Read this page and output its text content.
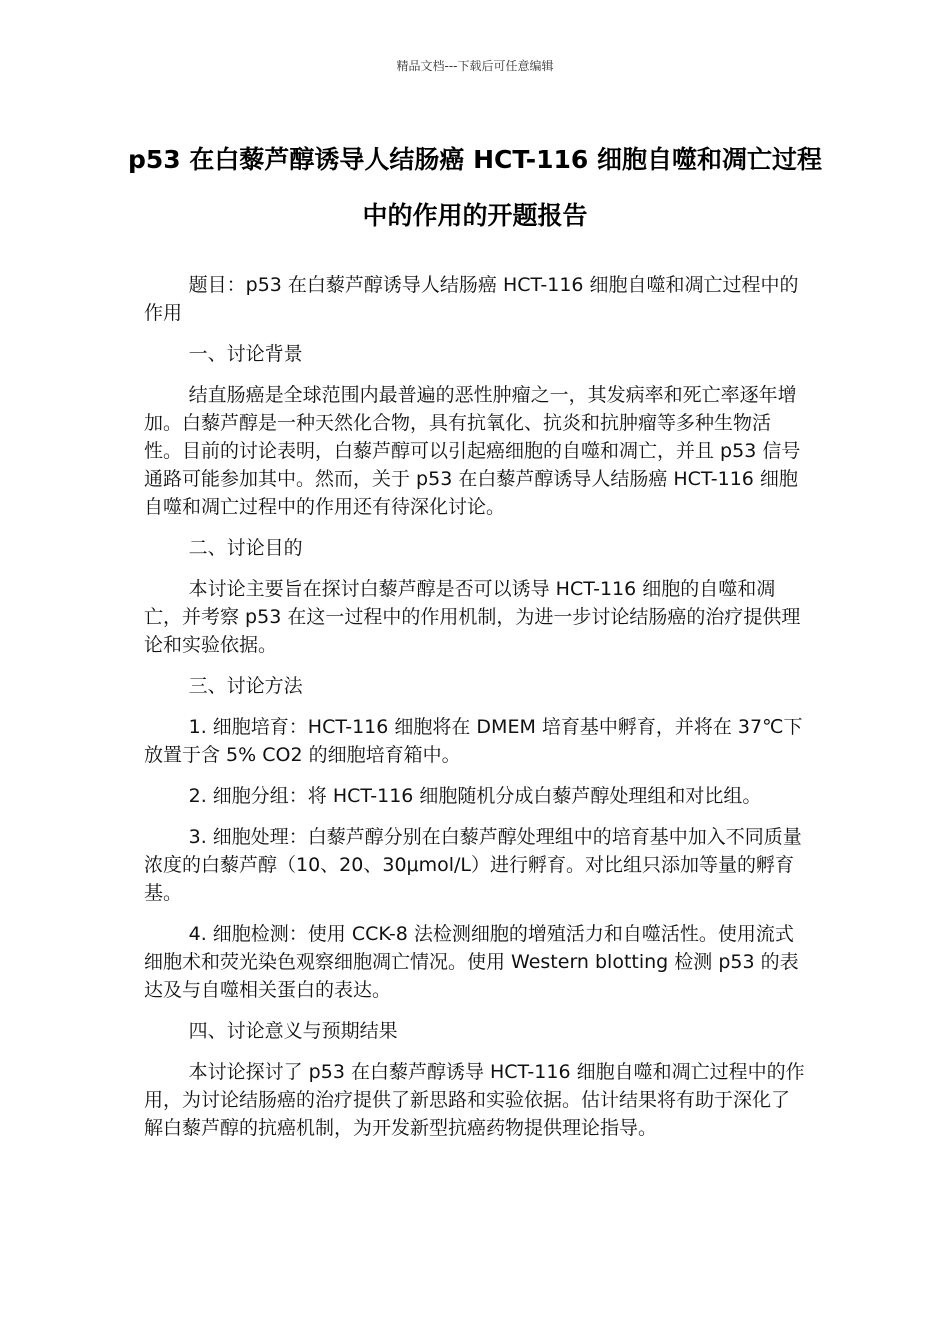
精品文档---下载后可任意编辑
p53 在白藜芦醇诱导人结肠癌 HCT-116 细胞自噬和凋亡过程中的作用的开题报告

题目：p53 在白藜芦醇诱导人结肠癌 HCT-116 细胞自噬和凋亡过程中的作用

一、讨论背景

结直肠癌是全球范围内最普遍的恶性肿瘤之一，其发病率和死亡率逐年增加。白藜芦醇是一种天然化合物，具有抗氧化、抗炎和抗肿瘤等多种生物活性。目前的讨论表明，白藜芦醇可以引起癌细胞的自噬和凋亡，并且 p53 信号通路可能参加其中。然而，关于 p53 在白藜芦醇诱导人结肠癌 HCT-116 细胞自噬和凋亡过程中的作用还有待深化讨论。

二、讨论目的

本讨论主要旨在探讨白藜芦醇是否可以诱导 HCT-116 细胞的自噬和凋亡，并考察 p53 在这一过程中的作用机制，为进一步讨论结肠癌的治疗提供理论和实验依据。

三、讨论方法

1. 细胞培育：HCT-116 细胞将在 DMEM 培育基中孵育，并将在 37℃下放置于含 5% CO2 的细胞培育箱中。

2. 细胞分组：将 HCT-116 细胞随机分成白藜芦醇处理组和对比组。

3. 细胞处理：白藜芦醇分别在白藜芦醇处理组中的培育基中加入不同质量浓度的白藜芦醇（10、20、30μmol/L）进行孵育。对比组只添加等量的孵育基。

4. 细胞检测：使用 CCK-8 法检测细胞的增殖活力和自噬活性。使用流式细胞术和荧光染色观察细胞凋亡情况。使用 Western blotting 检测 p53 的表达及与自噬相关蛋白的表达。

四、讨论意义与预期结果

本讨论探讨了 p53 在白藜芦醇诱导 HCT-116 细胞自噬和凋亡过程中的作用，为讨论结肠癌的治疗提供了新思路和实验依据。估计结果将有助于深化了解白藜芦醇的抗癌机制，为开发新型抗癌药物提供理论指导。
